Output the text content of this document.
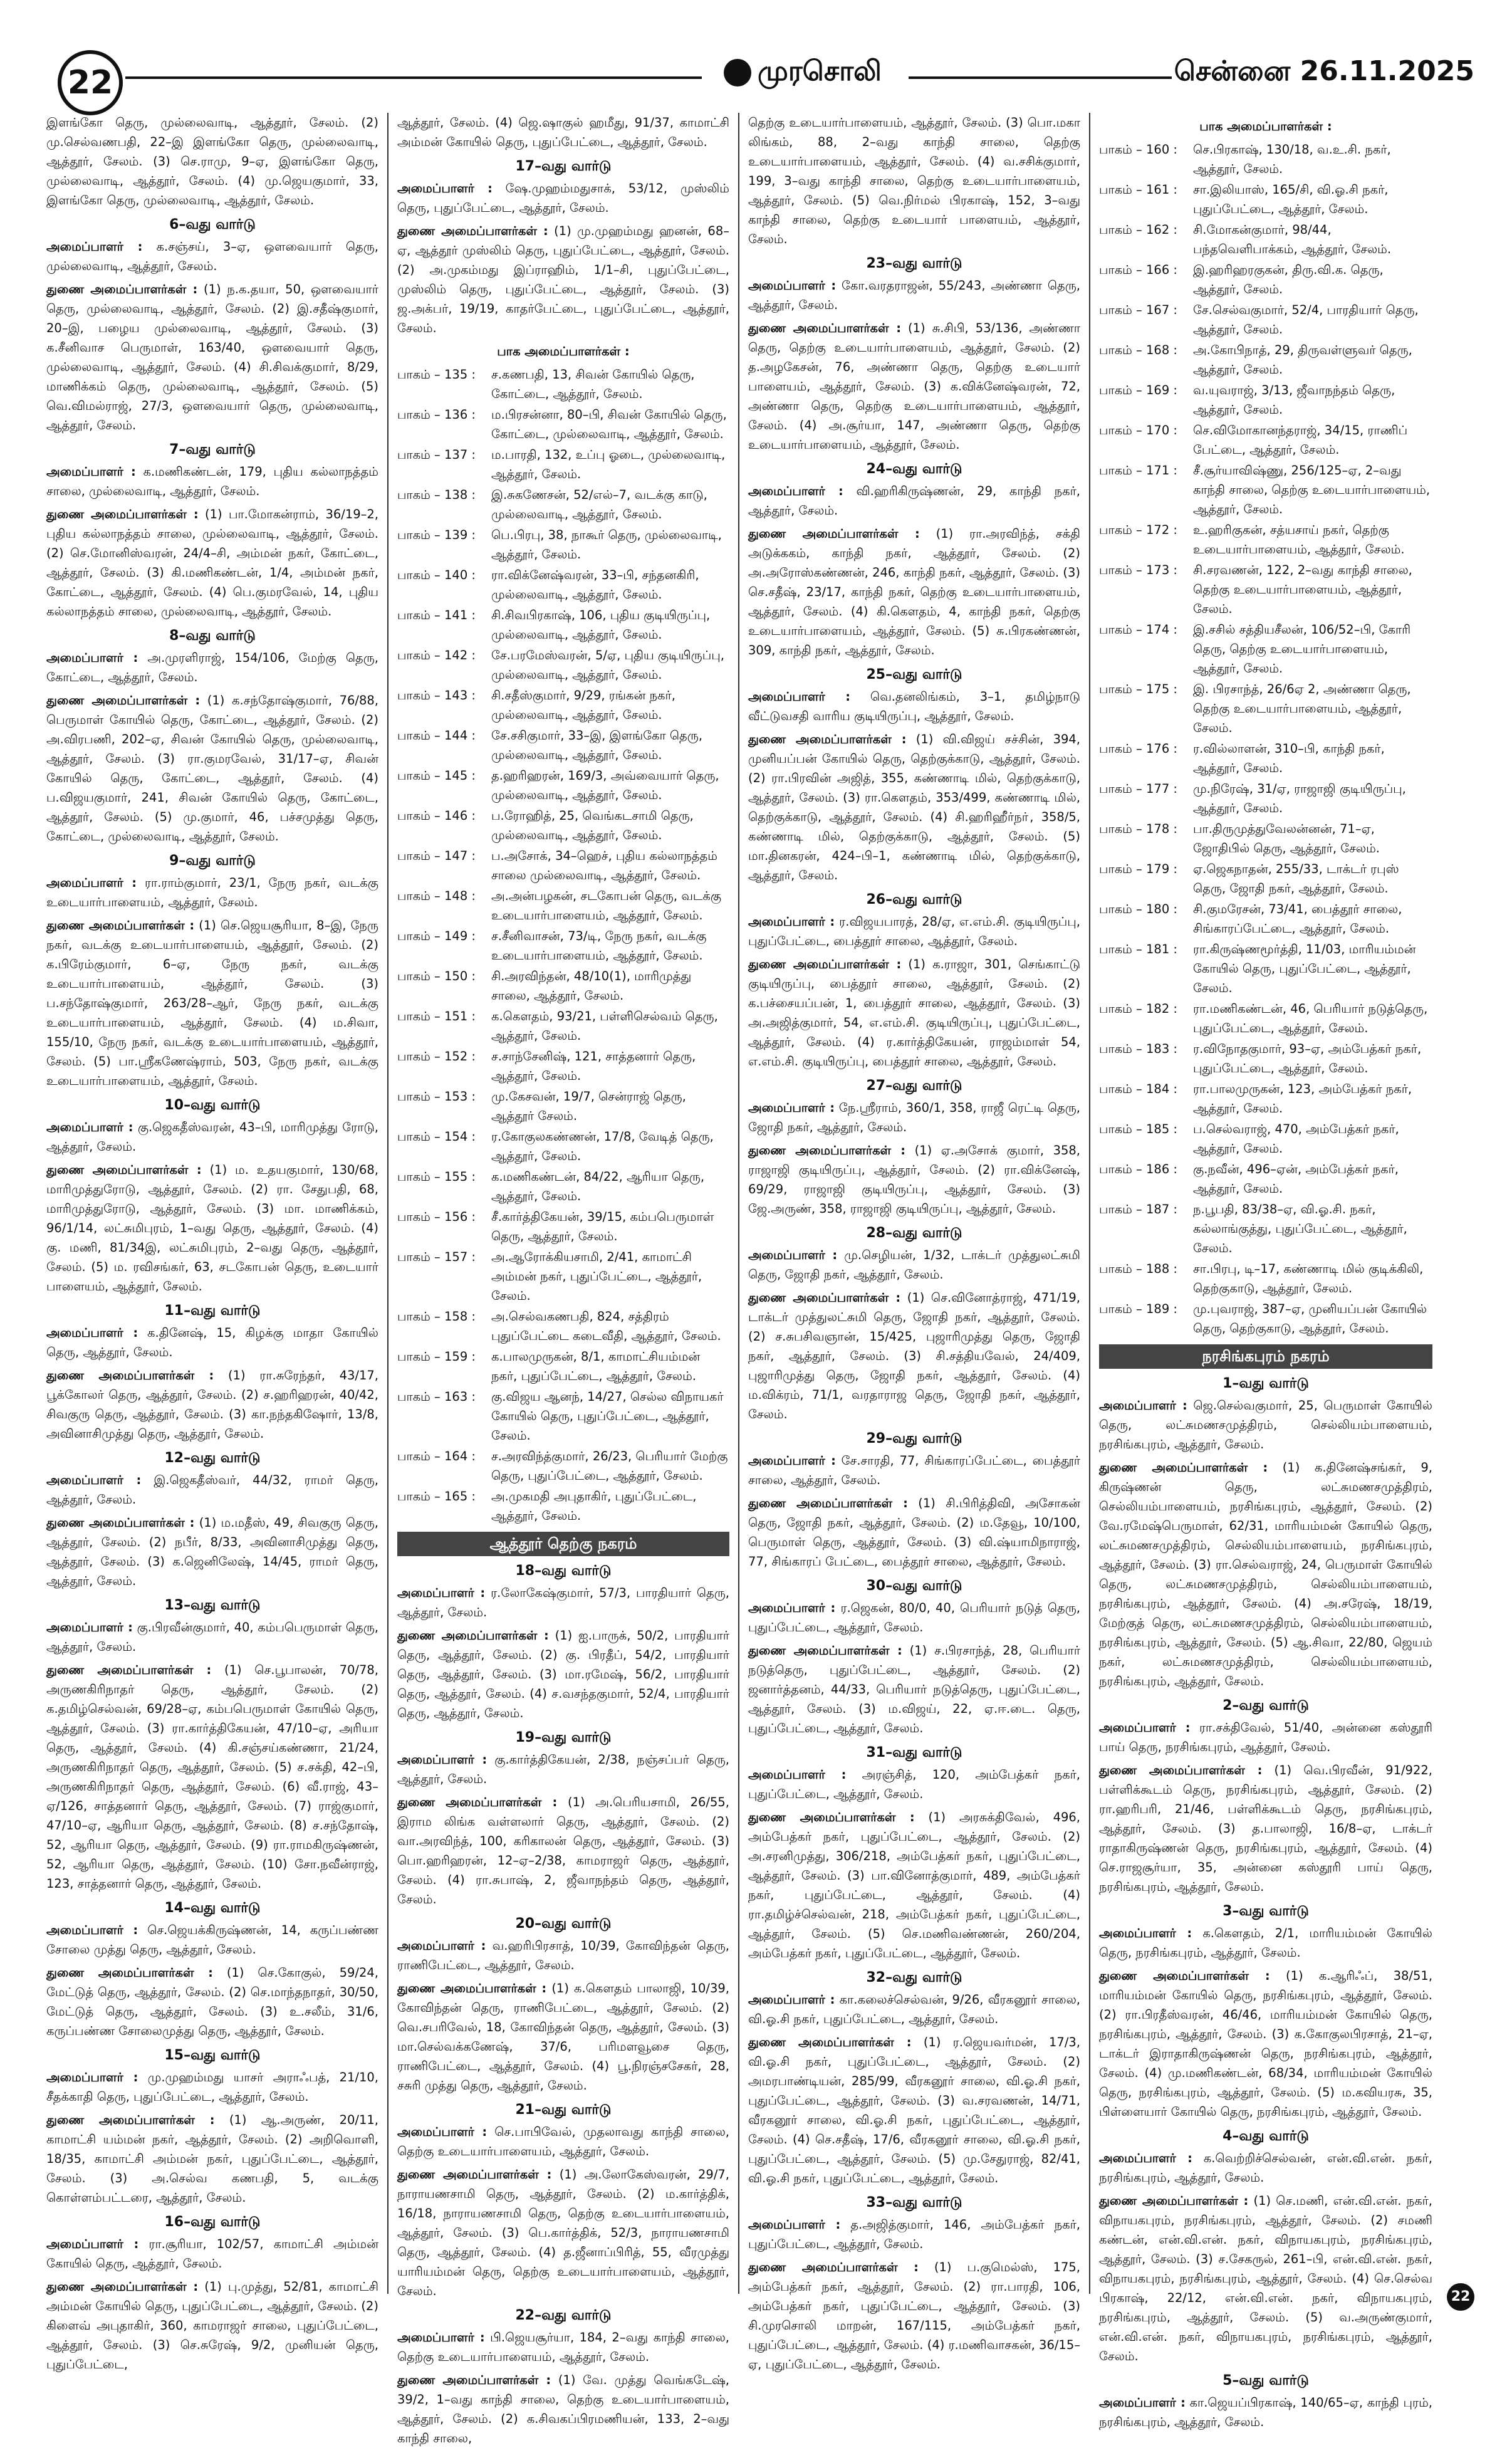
22	முரசொலி	சென்னை 26.11.2025

இளங்கோ தெரு, முல்லைவாடி, ஆத்தூர், சேலம். (2) மு.செல்வணபதி, 22–இ இளங்கோ தெரு, முல்லைவாடி, ஆத்தூர், சேலம். (3) செ.ராமு, 9–ஏ, இளங்கோ தெரு, முல்லைவாடி, ஆத்தூர், சேலம். (4) மு.ஜெயகுமார், 33, இளங்கோ தெரு, முல்லைவாடி, ஆத்தூர், சேலம்.

6–வது வார்டு

அமைப்பாளர் : க.சஞ்சய், 3–ஏ, ஒளவையார் தெரு, முல்லைவாடி, ஆத்தூர், சேலம்.

துணை அமைப்பாளர்கள் : (1) ந.க.தயா, 50, ஒளவையார் தெரு, முல்லைவாடி, ஆத்தூர், சேலம். (2) இ.சதீஷ்குமார், 20–இ, பழைய முல்லைவாடி, ஆத்தூர், சேலம். (3) க.சீனிவாச பெருமாள், 163/40, ஒளவையார் தெரு, முல்லைவாடி, ஆத்தூர், சேலம். (4) சி.சிவக்குமார், 8/29, மாணிக்கம் தெரு, முல்லைவாடி, ஆத்தூர், சேலம். (5) வெ.விமல்ராஜ், 27/3, ஒளவையார் தெரு, முல்லைவாடி, ஆத்தூர், சேலம்.

7–வது வார்டு

அமைப்பாளர் : க.மணிகண்டன், 179, புதிய கல்லாநத்தம் சாலை, முல்லைவாடி, ஆத்தூர், சேலம்.

துணை அமைப்பாளர்கள் : (1) பா.மோகன்ராம், 36/19–2, புதிய கல்லாநத்தம் சாலை, முல்லைவாடி, ஆத்தூர், சேலம். (2) செ.மோனிஸ்வரன், 24/4–சி, அம்மன் நகர், கோட்டை, ஆத்தூர், சேலம். (3) கி.மணிகண்டன், 1/4, அம்மன் நகர், கோட்டை, ஆத்தூர், சேலம். (4) பெ.குமரவேல், 14, புதிய கல்லாநத்தம் சாலை, முல்லைவாடி, ஆத்தூர், சேலம்.

8–வது வார்டு

அமைப்பாளர் : அ.முரளிராஜ், 154/106, மேற்கு தெரு, கோட்டை, ஆத்தூர், சேலம்.

துணை அமைப்பாளர்கள் : (1) க.சந்தோஷ்குமார், 76/88, பெருமாள் கோயில் தெரு, கோட்டை, ஆத்தூர், சேலம். (2) அ.விரபணி, 202–ஏ, சிவன் கோயில் தெரு, முல்லைவாடி, ஆத்தூர், சேலம். (3) ரா.குமரவேல், 31/17–ஏ, சிவன் கோயில் தெரு, கோட்டை, ஆத்தூர், சேலம். (4) ப.விஜயகுமார், 241, சிவன் கோயில் தெரு, கோட்டை, ஆத்தூர், சேலம். (5) மு.குமார், 46, பச்சமுத்து தெரு, கோட்டை, முல்லைவாடி, ஆத்தூர், சேலம்.

9–வது வார்டு

அமைப்பாளர் : ரா.ராம்குமார், 23/1, நேரு நகர், வடக்கு உடையார்பாளையம், ஆத்தூர், சேலம்.

துணை அமைப்பாளர்கள் : (1) செ.ஜெயசூரியா, 8–இ, நேரு நகர், வடக்கு உடையார்பாளையம், ஆத்தூர், சேலம். (2) க.பிரேம்குமார், 6–ஏ, நேரு நகர், வடக்கு உடையார்பாளையம், ஆத்தூர், சேலம். (3) ப.சந்தோஷ்குமார், 263/28–ஆர், நேரு நகர், வடக்கு உடையார்பாளையம், ஆத்தூர், சேலம். (4) ம.சிவா, 155/10, நேரு நகர், வடக்கு உடையார்பாளையம், ஆத்தூர், சேலம். (5) பா.ஸ்ரீகணேஷ்ராம், 503, நேரு நகர், வடக்கு உடையார்பாளையம், ஆத்தூர், சேலம்.

10–வது வார்டு

அமைப்பாளர் : கு.ஜெகதீஸ்வரன், 43–பி, மாரிமுத்து ரோடு, ஆத்தூர், சேலம்.

துணை அமைப்பாளர்கள் : (1) ம. உதயகுமார், 130/68, மாரிமுத்துரோடு, ஆத்தூர், சேலம். (2) ரா. சேதுபதி, 68, மாரிமுத்துரோடு, ஆத்தூர், சேலம். (3) மா. மாணிக்கம், 96/1/14, லட்சுமிபுரம், 1–வது தெரு, ஆத்தூர், சேலம். (4) கு. மணி, 81/34இ, லட்சுமிபுரம், 2–வது தெரு, ஆத்தூர், சேலம். (5) ம. ரவிசங்கர், 63, சடகோபன் தெரு, உடையார் பாளையம், ஆத்தூர், சேலம்.

11–வது வார்டு

அமைப்பாளர் : க.தினேஷ், 15, கிழக்கு மாதா கோயில் தெரு, ஆத்தூர், சேலம்.

துணை அமைப்பாளர்கள் : (1) ரா.சுரேந்தர், 43/17, பூக்கோலர் தெரு, ஆத்தூர், சேலம். (2) ச.ஹரிஹரன், 40/42, சிவகுரு தெரு, ஆத்தூர், சேலம். (3) கா.நந்தகிஷோர், 13/8, அவினாசிமுத்து தெரு, ஆத்தூர், சேலம்.

12–வது வார்டு

அமைப்பாளர் : இ.ஜெகதீஸ்வர், 44/32, ராமர் தெரு, ஆத்தூர், சேலம்.

துணை அமைப்பாளர்கள் : (1) ம.மதீஸ், 49, சிவகுரு தெரு, ஆத்தூர், சேலம். (2) நபீர், 8/33, அவினாசிமுத்து தெரு, ஆத்தூர், சேலம். (3) க.ஜெனிலேஷ், 14/45, ராமர் தெரு, ஆத்தூர், சேலம்.

13–வது வார்டு

அமைப்பாளர் : கு.பிரவீன்குமார், 40, கம்பபெருமாள் தெரு, ஆத்தூர், சேலம்.

துணை அமைப்பாளர்கள் : (1) செ.பூபாலன், 70/78, அருணகிரிநாதர் தெரு, ஆத்தூர், சேலம். (2) க.தமிழ்செல்வன், 69/28–ஏ, கம்பபெருமாள் கோயில் தெரு, ஆத்தூர், சேலம். (3) ரா.கார்த்திகேயன், 47/10–ஏ, அரியா தெரு, ஆத்தூர், சேலம். (4) கி.சஞ்சய்கண்ணா, 21/24, அருணகிரிநாதர் தெரு, ஆத்தூர், சேலம். (5) ச.சக்தி, 42–பி, அருணகிரிநாதர் தெரு, ஆத்தூர், சேலம். (6) வீ.ராஜ், 43–ஏ/126, சாத்தனார் தெரு, ஆத்தூர், சேலம். (7) ராஜ்குமார், 47/10–ஏ, ஆரியா தெரு, ஆத்தூர், சேலம். (8) ச.சந்தோஷ், 52, ஆரியா தெரு, ஆத்தூர், சேலம். (9) ரா.ராமகிருஷ்ணன், 52, ஆரியா தெரு, ஆத்தூர், சேலம். (10) சோ.நவீன்ராஜ், 123, சாத்தனார் தெரு, ஆத்தூர், சேலம்.

14–வது வார்டு

அமைப்பாளர் : செ.ஜெயக்கிருஷ்ணன், 14, கருப்பண்ண சோலை முத்து தெரு, ஆத்தூர், சேலம்.

துணை அமைப்பாளர்கள் : (1) செ.கோகுல், 59/24, மேட்டுத் தெரு, ஆத்தூர், சேலம். (2) செ.மாந்தநாதர், 30/50, மேட்டுத் தெரு, ஆத்தூர், சேலம். (3) உ.சலீம், 31/6, கருப்பண்ண சோலைமுத்து தெரு, ஆத்தூர், சேலம்.

15–வது வார்டு

அமைப்பாளர் : மு.முஹம்மது யாசர் அராஃபத், 21/10, சீதக்காதி தெரு, புதுப்பேட்டை, ஆத்தூர், சேலம்.

துணை அமைப்பாளர்கள் : (1) ஆ.அருண், 20/11, காமாட்சி யம்மன் நகர், ஆத்தூர், சேலம். (2) அறிவொளி, 18/35, காமாட்சி அம்மன் நகர், புதுப்பேட்டை, ஆத்தூர், சேலம். (3) அ.செல்வ கணபதி, 5, வடக்கு கொள்ளம்பட்டரை, ஆத்தூர், சேலம்.

16–வது வார்டு

அமைப்பாளர் : ரா.சூரியா, 102/57, காமாட்சி அம்மன் கோயில் தெரு, ஆத்தூர், சேலம்.

துணை அமைப்பாளர்கள் : (1) பு.முத்து, 52/81, காமாட்சி அம்மன் கோயில் தெரு, புதுப்பேட்டை, ஆத்தூர், சேலம். (2) கிளைவ் அபுதாகிர், 360, காமராஜர் சாலை, புதுப்பேட்டை, ஆத்தூர், சேலம். (3) செ.சுரேஷ், 9/2, முனியன் தெரு, புதுப்பேட்டை,

ஆத்தூர், சேலம். (4) ஜெ.ஷாகுல் ஹமீது, 91/37, காமாட்சி அம்மன் கோயில் தெரு, புதுப்பேட்டை, ஆத்தூர், சேலம்.

17–வது வார்டு

அமைப்பாளர் : ஷே.முஹம்மதுசாக், 53/12, முஸ்லிம் தெரு, புதுப்பேட்டை, ஆத்தூர், சேலம்.

துணை அமைப்பாளர்கள் : (1) மு.முஹம்மது ஹனன், 68–ஏ, ஆத்தூர் முஸ்லிம் தெரு, புதுப்பேட்டை, ஆத்தூர், சேலம். (2) அ.முகம்மது இப்ராஹிம், 1/1–சி, புதுப்பேட்டை, முஸ்லிம் தெரு, புதுப்பேட்டை, ஆத்தூர், சேலம். (3) ஜ.அக்பர், 19/19, காதர்பேட்டை, புதுப்பேட்டை, ஆத்தூர், சேலம்.

பாக அமைப்பாளர்கள் :
பாகம் – 135 :	ச.கணபதி, 13, சிவன் கோயில் தெரு, கோட்டை, ஆத்தூர், சேலம்.
பாகம் – 136 :	ம.பிரசன்னா, 80–பி, சிவன் கோயில் தெரு, கோட்டை, முல்லைவாடி, ஆத்தூர், சேலம்.
பாகம் – 137 :	ம.பாரதி, 132, உப்பு ஓடை, முல்லைவாடி, ஆத்தூர், சேலம்.
பாகம் – 138 :	இ.சுகணேசன், 52/எல்–7, வடக்கு காடு, முல்லைவாடி, ஆத்தூர், சேலம்.
பாகம் – 139 :	பெ.பிரபு, 38, நாகூர் தெரு, முல்லைவாடி, ஆத்தூர், சேலம்.
பாகம் – 140 :	ரா.விக்னேஷ்வரன், 33–பி, சந்தனகிரி, முல்லைவாடி, ஆத்தூர், சேலம்.
பாகம் – 141 :	சி.சிவபிரகாஷ், 106, புதிய குடியிருப்பு, முல்லைவாடி, ஆத்தூர், சேலம்.
பாகம் – 142 :	சே.பரமேஸ்வரன், 5/ஏ, புதிய குடியிருப்பு, முல்லைவாடி, ஆத்தூர், சேலம்.
பாகம் – 143 :	சி.சதீஸ்குமார், 9/29, ரங்கன் நகர், முல்லைவாடி, ஆத்தூர், சேலம்.
பாகம் – 144 :	சே.சசிகுமார், 33–இ, இளங்கோ தெரு, முல்லைவாடி, ஆத்தூர், சேலம்.
பாகம் – 145 :	த.ஹரிஹரன், 169/3, அவ்வையார் தெரு, முல்லைவாடி, ஆத்தூர், சேலம்.
பாகம் – 146 :	ப.ரோஹித், 25, வெங்கடசாமி தெரு, முல்லைவாடி, ஆத்தூர், சேலம்.
பாகம் – 147 :	ப.அசோக், 34–ஹெச், புதிய கல்லாநத்தம் சாலை முல்லைவாடி, ஆத்தூர், சேலம்.
பாகம் – 148 :	அ.அன்பழகன், சடகோபன் தெரு, வடக்கு உடையார்பாளையம், ஆத்தூர், சேலம்.
பாகம் – 149 :	ச.சீனிவாசன், 73/டி, நேரு நகர், வடக்கு உடையார்பாளையம், ஆத்தூர், சேலம்.
பாகம் – 150 :	சி.அரவிந்தன், 48/10(1), மாரிமுத்து சாலை, ஆத்தூர், சேலம்.
பாகம் – 151 :	க.கௌதம், 93/21, பள்ளிசெல்வம் தெரு, ஆத்தூர், சேலம்.
பாகம் – 152 :	ச.சாந்சேனிஷ், 121, சாத்தனார் தெரு, ஆத்தூர், சேலம்.
பாகம் – 153 :	மு.கேசவன், 19/7, சென்ராஜ் தெரு, ஆத்தூர் சேலம்.
பாகம் – 154 :	ர.கோகுலகண்ணன், 17/8, வேடித் தெரு, ஆத்தூர், சேலம்.
பாகம் – 155 :	க.மணிகண்டன், 84/22, ஆரியா தெரு, ஆத்தூர், சேலம்.
பாகம் – 156 :	சீ.கார்த்திகேயன், 39/15, கம்பபெருமாள் தெரு, ஆத்தூர், சேலம்.
பாகம் – 157 :	அ.ஆரோக்கியசாமி, 2/41, காமாட்சி அம்மன் நகர், புதுப்பேட்டை, ஆத்தூர், சேலம்.
பாகம் – 158 :	அ.செல்வகணபதி, 824, சத்திரம் புதுப்பேட்டை கடைவீதி, ஆத்தூர், சேலம்.
பாகம் – 159 :	க.பாலமுருகன், 8/1, காமாட்சியம்மன் நகர், புதுப்பேட்டை, ஆத்தூர், சேலம்.
பாகம் – 163 :	கு.விஜய ஆனந், 14/27, செல்ல விநாயகர் கோயில் தெரு, புதுப்பேட்டை, ஆத்தூர், சேலம்.
பாகம் – 164 :	ச.அரவிந்த்குமார், 26/23, பெரியார் மேற்கு தெரு, புதுப்பேட்டை, ஆத்தூர், சேலம்.
பாகம் – 165 :	அ.முகமதி அபுதாகிர், புதுப்பேட்டை, ஆத்தூர், சேலம்.
ஆத்தூர் தெற்கு நகரம்
18–வது வார்டு

அமைப்பாளர் : ர.லோகேஷ்குமார், 57/3, பாரதியார் தெரு, ஆத்தூர், சேலம்.

துணை அமைப்பாளர்கள் : (1) ஐ.பாருக், 50/2, பாரதியார் தெரு, ஆத்தூர், சேலம். (2) கு. பிரதீப், 54/2, பாரதியார் தெரு, ஆத்தூர், சேலம். (3) மா.ரமேஷ், 56/2, பாரதியார் தெரு, ஆத்தூர், சேலம். (4) ச.வசந்தகுமார், 52/4, பாரதியார் தெரு, ஆத்தூர், சேலம்.

19–வது வார்டு

அமைப்பாளர் : கு.கார்த்திகேயன், 2/38, நஞ்சப்பர் தெரு, ஆத்தூர், சேலம்.

துணை அமைப்பாளர்கள் : (1) அ.பெரியசாமி, 26/55, இராம லிங்க வள்ளலார் தெரு, ஆத்தூர், சேலம். (2) வா.அரவிந்த், 100, கரிகாலன் தெரு, ஆத்தூர், சேலம். (3) பொ.ஹரிஹரன், 12–ஏ–2/38, காமராஜர் தெரு, ஆத்தூர், சேலம். (4) ரா.சுபாஷ், 2, ஜீவாநந்தம் தெரு, ஆத்தூர், சேலம்.

20–வது வார்டு

அமைப்பாளர் : வ.ஹரிபிரசாத், 10/39, கோவிந்தன் தெரு, ராணிபேட்டை, ஆத்தூர், சேலம்.

துணை அமைப்பாளர்கள் : (1) க.கௌதம் பாலாஜி, 10/39, கோவிந்தன் தெரு, ராணிபேட்டை, ஆத்தூர், சேலம். (2) வெ.சபரிவேல், 18, கோவிந்தன் தெரு, ஆத்தூர், சேலம். (3) மா.செல்வக்கணேஷ், 37/6, பரிமளவூசை தெரு, ராணிபேட்டை, ஆத்தூர், சேலம். (4) பூ.நிரஞ்சசேகர், 28, சசுரி முத்து தெரு, ஆத்தூர், சேலம்.

21–வது வார்டு

அமைப்பாளர் : செ.பாபிவேல், முதலாவது காந்தி சாலை, தெற்கு உடையார்பாளையம், ஆத்தூர், சேலம்.

துணை அமைப்பாளர்கள் : (1) அ.லோகேஸ்வரன், 29/7, நாராயணசாமி தெரு, ஆத்தூர், சேலம். (2) ம.கார்த்திக், 16/18, நாராயணசாமி தெரு, தெற்கு உடையார்பாளையம், ஆத்தூர், சேலம். (3) பெ.கார்த்திக், 52/3, நாராயணசாமி தெரு, ஆத்தூர், சேலம். (4) த.ஜீனாப்பிரித், 55, வீரமுத்து யாரியம்மன் தெரு, தெற்கு உடையார்பாளையம், ஆத்தூர், சேலம்.

22–வது வார்டு

அமைப்பாளர் : பி.ஜெயசூர்யா, 184, 2–வது காந்தி சாலை, தெற்கு உடையார்பாளையம், ஆத்தூர், சேலம்.

துணை அமைப்பாளர்கள் : (1) வே. முத்து வெங்கடேஷ், 39/2, 1–வது காந்தி சாலை, தெற்கு உடையார்பாளையம், ஆத்தூர், சேலம். (2) க.சிவகப்பிரமணியன், 133, 2–வது காந்தி சாலை,

தெற்கு உடையார்பாளையம், ஆத்தூர், சேலம். (3) பொ.மகா லிங்கம், 88, 2–வது காந்தி சாலை, தெற்கு உடையார்பாளையம், ஆத்தூர், சேலம். (4) வ.சசிக்குமார், 199, 3–வது காந்தி சாலை, தெற்கு உடையார்பாளையம், ஆத்தூர், சேலம். (5) வெ.நிர்மல் பிரகாஷ், 152, 3–வது காந்தி சாலை, தெற்கு உடையார் பாளையம், ஆத்தூர், சேலம்.

23–வது வார்டு

அமைப்பாளர் : கோ.வரதராஜன், 55/243, அண்ணா தெரு, ஆத்தூர், சேலம்.

துணை அமைப்பாளர்கள் : (1) சு.சிபி, 53/136, அண்ணா தெரு, தெற்கு உடையார்பாளையம், ஆத்தூர், சேலம். (2) த.அழகேசன், 76, அண்ணா தெரு, தெற்கு உடையார் பாளையம், ஆத்தூர், சேலம். (3) க.விக்னேஷ்வரன், 72, அண்ணா தெரு, தெற்கு உடையார்பாளையம், ஆத்தூர், சேலம். (4) அ.சூர்யா, 147, அண்ணா தெரு, தெற்கு உடையார்பாளையம், ஆத்தூர், சேலம்.

24–வது வார்டு

அமைப்பாளர் : வி.ஹரிகிருஷ்ணன், 29, காந்தி நகர், ஆத்தூர், சேலம்.

துணை அமைப்பாளர்கள் : (1) ரா.அரவிந்த், சக்தி அடுக்ககம், காந்தி நகர், ஆத்தூர், சேலம். (2) அ.அரோஸ்கண்ணன், 246, காந்தி நகர், ஆத்தூர், சேலம். (3) செ.சதீஷ், 23/17, காந்தி நகர், தெற்கு உடையார்பாளையம், ஆத்தூர், சேலம். (4) கி.கௌதம், 4, காந்தி நகர், தெற்கு உடையார்பாளையம், ஆத்தூர், சேலம். (5) சு.பிரகண்ணன், 309, காந்தி நகர், ஆத்தூர், சேலம்.

25–வது வார்டு

அமைப்பாளர் : வெ.தனலிங்கம், 3–1, தமிழ்நாடு வீட்டுவசதி வாரிய குடியிருப்பு, ஆத்தூர், சேலம்.

துணை அமைப்பாளர்கள் : (1) வி.விஜய் சச்சின், 394, முனியப்பன் கோயில் தெரு, தெற்குக்காடு, ஆத்தூர், சேலம். (2) ரா.பிரவின் அஜித், 355, கண்ணாடி மில், தெற்குக்காடு, ஆத்தூர், சேலம். (3) ரா.கௌதம், 353/499, கண்ணாடி மில், தெற்குக்காடு, ஆத்தூர், சேலம். (4) சி.ஹரிஹீர்நா், 358/5, கண்ணாடி மில், தெற்குக்காடு, ஆத்தூர், சேலம். (5) மா.தினகரன், 424–பி–1, கண்ணாடி மில், தெற்குக்காடு, ஆத்தூர், சேலம்.

26–வது வார்டு

அமைப்பாளர் : ர.விஜயபாரத், 28/ஏ, எ.எம்.சி. குடியிருப்பு, புதுப்பேட்டை, பைத்தூர் சாலை, ஆத்தூர், சேலம்.

துணை அமைப்பாளர்கள் : (1) க.ராஜா, 301, செங்காட்டு குடியிருப்பு, பைத்தூர் சாலை, ஆத்தூர், சேலம். (2) க.பச்சையப்பன், 1, பைத்தூர் சாலை, ஆத்தூர், சேலம். (3) அ.அஜித்குமார், 54, எ.எம்.சி. குடியிருப்பு, புதுப்பேட்டை, ஆத்தூர், சேலம். (4) ர.கார்த்திகேயன், ராஜம்மாள் 54, எ.எம்.சி. குடியிருப்பு, பைத்தூர் சாலை, ஆத்தூர், சேலம்.

27–வது வார்டு

அமைப்பாளர் : நே.ஸ்ரீராம், 360/1, 358, ராஜீ ரெட்டி தெரு, ஜோதி நகர், ஆத்தூர், சேலம்.

துணை அமைப்பாளர்கள் : (1) ஏ.அசோக் குமார், 358, ராஜாஜி குடியிருப்பு, ஆத்தூர், சேலம். (2) ரா.விக்னேஷ், 69/29, ராஜாஜி குடியிருப்பு, ஆத்தூர், சேலம். (3) ஜே.அருண், 358, ராஜாஜி குடியிருப்பு, ஆத்தூர், சேலம்.

28–வது வார்டு

அமைப்பாளர் : மு.செழியன், 1/32, டாக்டர் முத்துலட்சுமி தெரு, ஜோதி நகர், ஆத்தூர், சேலம்.

துணை அமைப்பாளர்கள் : (1) செ.வினோத்ராஜ், 471/19, டாக்டர் முத்துலட்சுமி தெரு, ஜோதி நகர், ஆத்தூர், சேலம். (2) ச.சுபசிவஞான், 15/425, புஜாரிமுத்து தெரு, ஜோதி நகர், ஆத்தூர், சேலம். (3) சி.சத்தியவேல், 24/409, புஜாரிமுத்து தெரு, ஜோதி நகர், ஆத்தூர், சேலம். (4) ம.விக்ரம், 71/1, வரதாராஜ தெரு, ஜோதி நகர், ஆத்தூர், சேலம்.

29–வது வார்டு

அமைப்பாளர் : சே.சாரதி, 77, சிங்காரப்பேட்டை, பைத்தூர் சாலை, ஆத்தூர், சேலம்.

துணை அமைப்பாளர்கள் : (1) சி.பிரித்திவி, அசோகன் தெரு, ஜோதி நகர், ஆத்தூர், சேலம். (2) ம.தேவூ, 10/100, பெருமாள் தெரு, ஆத்தூர், சேலம். (3) வி.ஷ்யாமிநாராஜ், 77, சிங்காரப் பேட்டை, பைத்தூர் சாலை, ஆத்தூர், சேலம்.

30–வது வார்டு

அமைப்பாளர் : ர.ஜெகன், 80/0, 40, பெரியார் நடுத் தெரு, புதுப்பேட்டை, ஆத்தூர், சேலம்.

துணை அமைப்பாளர்கள் : (1) ச.பிரசாந்த், 28, பெரியார் நடுத்தெரு, புதுப்பேட்டை, ஆத்தூர், சேலம். (2) ஜனார்த்தனம், 44/33, பெரியார் நடுத்தெரு, புதுப்பேட்டை, ஆத்தூர், சேலம். (3) ம.விஜய், 22, ஏ.ஈ.டை. தெரு, புதுப்பேட்டை, ஆத்தூர், சேலம்.

31–வது வார்டு

அமைப்பாளர் : அரஞ்சித், 120, அம்பேத்கர் நகர், புதுப்பேட்டை, ஆத்தூர், சேலம்.

துணை அமைப்பாளர்கள் : (1) அரசுக்திவேல், 496, அம்பேத்கர் நகர், புதுப்பேட்டை, ஆத்தூர், சேலம். (2) அ.சரனிமுத்து, 306/218, அம்பேத்கர் நகர், புதுப்பேட்டை, ஆத்தூர், சேலம். (3) பா.வினோத்குமார், 489, அம்பேத்கர் நகர், புதுப்பேட்டை, ஆத்தூர், சேலம். (4) ரா.தமிழ்ச்செல்வன், 218, அம்பேத்கர் நகர், புதுப்பேட்டை, ஆத்தூர், சேலம். (5) செ.மணிவண்ணன், 260/204, அம்பேத்கர் நகர், புதுப்பேட்டை, ஆத்தூர், சேலம்.

32–வது வார்டு

அமைப்பாளர் : கா.கலைச்செல்வன், 9/26, வீரகனூர் சாலை, வி.ஓ.சி நகர், புதுப்பேட்டை, ஆத்தூர், சேலம்.

துணை அமைப்பாளர்கள் : (1) ர.ஜெயவர்மன், 17/3, வி.ஓ.சி நகர், புதுப்பேட்டை, ஆத்தூர், சேலம். (2) அமரபாண்டியன், 285/99, வீரகனூர் சாலை, வி.ஓ.சி நகர், புதுப்பேட்டை, ஆத்தூர், சேலம். (3) வ.சரவணன், 14/71, வீரகனூர் சாலை, வி.ஓ.சி நகர், புதுப்பேட்டை, ஆத்தூர், சேலம். (4) செ.சதீஷ், 17/6, வீரகனூர் சாலை, வி.ஓ.சி நகர், புதுப்பேட்டை, ஆத்தூர், சேலம். (5) மு.சேதுராஜ், 82/41, வி.ஓ.சி நகர், புதுப்பேட்டை, ஆத்தூர், சேலம்.

33–வது வார்டு

அமைப்பாளர் : த.அஜித்குமார், 146, அம்பேத்கர் நகர், புதுப்பேட்டை, ஆத்தூர், சேலம்.

துணை அமைப்பாளர்கள் : (1) ப.குமெல்ஸ், 175, அம்பேத்கர் நகர், ஆத்தூர், சேலம். (2) ரா.பாரதி, 106, அம்பேத்கர் நகர், புதுப்பேட்டை, ஆத்தூர், சேலம். (3) சி.முரசொலி மாறன், 167/115, அம்பேத்கர் நகர், புதுப்பேட்டை, ஆத்தூர், சேலம். (4) ர.மணிவாசகன், 36/15–ஏ, புதுப்பேட்டை, ஆத்தூர், சேலம்.

பாக அமைப்பாளர்கள் :
பாகம் – 160 :	செ.பிரகாஷ், 130/18, வ.உ.சி. நகர், ஆத்தூர், சேலம்.
பாகம் – 161 :	சா.இலியாஸ், 165/சி, வி.ஓ.சி நகர், புதுப்பேட்டை, ஆத்தூர், சேலம்.
பாகம் – 162 :	சி.மோகன்குமார், 98/44, பந்தவெளிபாக்கம், ஆத்தூர், சேலம்.
பாகம் – 166 :	இ.ஹரிஹரகுகன், திரு.வி.க. தெரு, ஆத்தூர், சேலம்.
பாகம் – 167 :	சே.செல்வகுமார், 52/4, பாரதியார் தெரு, ஆத்தூர், சேலம்.
பாகம் – 168 :	அ.கோபிநாத், 29, திருவள்ளுவர் தெரு, ஆத்தூர், சேலம்.
பாகம் – 169 :	வ.யுவராஜ், 3/13, ஜீவாநந்தம் தெரு, ஆத்தூர், சேலம்.
பாகம் – 170 :	செ.விமோகானந்தராஜ், 34/15, ராணிப் பேட்டை, ஆத்தூர், சேலம்.
பாகம் – 171 :	சீ.சூர்யாவிஷ்ணு, 256/125–ஏ, 2–வது காந்தி சாலை, தெற்கு உடையார்பாளையம், ஆத்தூர், சேலம்.
பாகம் – 172 :	உ.ஹரிகுகன், சத்யசாய் நகர், தெற்கு உடையார்பாளையம், ஆத்தூர், சேலம்.
பாகம் – 173 :	சி.சரவணன், 122, 2–வது காந்தி சாலை, தெற்கு உடையார்பாளையம், ஆத்தூர், சேலம்.
பாகம் – 174 :	இ.சசில் சத்தியசீலன், 106/52–பி, கோரி தெரு, தெற்கு உடையார்பாளையம், ஆத்தூர், சேலம்.
பாகம் – 175 :	இ. பிரசாந்த், 26/6ஏ 2, அண்ணா தெரு, தெற்கு உடையார்பாளையம், ஆத்தூர், சேலம்.
பாகம் – 176 :	ர.வில்லாளன், 310–பி, காந்தி நகர், ஆத்தூர், சேலம்.
பாகம் – 177 :	மு.நிரேஷ், 31/ஏ, ராஜாஜி குடியிருப்பு, ஆத்தூர், சேலம்.
பாகம் – 178 :	பா.திருமுத்துவேலன்னன், 71–ஏ, ஜோதிபில் தெரு, ஆத்தூர், சேலம்.
பாகம் – 179 :	ஏ.ஜெகநாதன், 255/33, டாக்டர் ரபுஸ் தெரு, ஜோதி நகர், ஆத்தூர், சேலம்.
பாகம் – 180 :	சி.குமரேசன், 73/41, பைத்தூர் சாலை, சிங்காரப்பேட்டை, ஆத்தூர், சேலம்.
பாகம் – 181 :	ரா.கிருஷ்ணமூர்த்தி, 11/03, மாரியம்மன் கோயில் தெரு, புதுப்பேட்டை, ஆத்தூர், சேலம்.
பாகம் – 182 :	ரா.மணிகண்டன், 46, பெரியார் நடுத்தெரு, புதுப்பேட்டை, ஆத்தூர், சேலம்.
பாகம் – 183 :	ர.விநோதகுமார், 93–ஏ, அம்பேத்கர் நகர், புதுப்பேட்டை, ஆத்தூர், சேலம்.
பாகம் – 184 :	ரா.பாலமுருகன், 123, அம்பேத்கர் நகர், ஆத்தூர், சேலம்.
பாகம் – 185 :	ப.செல்வராஜ், 470, அம்பேத்கர் நகர், ஆத்தூர், சேலம்.
பாகம் – 186 :	கு.நவீன், 496–ஏன், அம்பேத்கர் நகர், ஆத்தூர், சேலம்.
பாகம் – 187 :	ந.பூபதி, 83/38–ஏ, வி.ஓ.சி. நகர், கல்லாங்குத்து, புதுப்பேட்டை, ஆத்தூர், சேலம்.
பாகம் – 188 :	சா.பிரபு, டி–17, கண்ணாடி மில் குடிக்கிலி, தெற்குகாடு, ஆத்தூர், சேலம்.
பாகம் – 189 :	மு.புவராஜ், 387–ஏ, முனியப்பன் கோயில் தெரு, தெற்குகாடு, ஆத்தூர், சேலம்.
நரசிங்கபுரம் நகரம்
1–வது வார்டு

அமைப்பாளர் : ஜெ.செல்வகுமார், 25, பெருமாள் கோயில் தெரு, லட்சுமணசமுத்திரம், செல்லியம்பாளையம், நரசிங்கபுரம், ஆத்தூர், சேலம்.

துணை அமைப்பாளர்கள் : (1) க.தினேஷ்சங்கர், 9, கிருஷ்ணன் தெரு, லட்சுமணசமுத்திரம், செல்லியம்பாளையம், நரசிங்கபுரம், ஆத்தூர், சேலம். (2) வே.ரமேஷ்பெருமாள், 62/31, மாரியம்மன் கோயில் தெரு, லட்சுமணசமுத்திரம், செல்லியம்பாளையம், நரசிங்கபுரம், ஆத்தூர், சேலம். (3) ரா.செல்வராஜ், 24, பெருமாள் கோயில் தெரு, லட்சுமணசமுத்திரம், செல்லியம்பாளையம், நரசிங்கபுரம், ஆத்தூர், சேலம். (4) அ.சரேஷ், 18/19, மேற்குத் தெரு, லட்சுமணசமுத்திரம், செல்லியம்பாளையம், நரசிங்கபுரம், ஆத்தூர், சேலம். (5) ஆ.சிவா, 22/80, ஜெயம் நகர், லட்சுமணசமுத்திரம், செல்லியம்பாளையம், நரசிங்கபுரம், ஆத்தூர், சேலம்.

2–வது வார்டு

அமைப்பாளர் : ரா.சக்திவேல், 51/40, அன்னை கஸ்தூரி பாய் தெரு, நரசிங்கபுரம், ஆத்தூர், சேலம்.

துணை அமைப்பாளர்கள் : (1) வெ.பிரவீன், 91/922, பள்ளிக்கூடம் தெரு, நரசிங்கபுரம், ஆத்தூர், சேலம். (2) ரா.ஹரிபரி, 21/46, பள்ளிக்கூடம் தெரு, நரசிங்கபுரம், ஆத்தூர், சேலம். (3) த.பாலாஜி, 16/8–ஏ, டாக்டர் ராதாகிருஷ்ணன் தெரு, நரசிங்கபுரம், ஆத்தூர், சேலம். (4) செ.ராஜசூர்யா, 35, அன்னை கஸ்தூரி பாய் தெரு, நரசிங்கபுரம், ஆத்தூர், சேலம்.

3–வது வார்டு

அமைப்பாளர் : க.கௌதம், 2/1, மாரியம்மன் கோயில் தெரு, நரசிங்கபுரம், ஆத்தூர், சேலம்.

துணை அமைப்பாளர்கள் : (1) க.ஆரிஃப், 38/51, மாரியம்மன் கோயில் தெரு, நரசிங்கபுரம், ஆத்தூர், சேலம். (2) ரா.பிரதீஸ்வரன், 46/46, மாரியம்மன் கோயில் தெரு, நரசிங்கபுரம், ஆத்தூர், சேலம். (3) க.கோகுலபிரசாத், 21–ஏ, டாக்டர் இராதாகிருஷ்ணன் தெரு, நரசிங்கபுரம், ஆத்தூர், சேலம். (4) மு.மணிகண்டன், 68/34, மாரியம்மன் கோயில் தெரு, நரசிங்கபுரம், ஆத்தூர், சேலம். (5) ம.கவியரசு, 35, பிள்ளையார் கோயில் தெரு, நரசிங்கபுரம், ஆத்தூர், சேலம்.

4–வது வார்டு

அமைப்பாளர் : க.வெற்றிச்செல்வன், என்.வி.என். நகர், நரசிங்கபுரம், ஆத்தூர், சேலம்.

துணை அமைப்பாளர்கள் : (1) செ.மணி, என்.வி.என். நகர், விநாயகபுரம், நரசிங்கபுரம், ஆத்தூர், சேலம். (2) சமணி கண்டன், என்.வி.என். நகர், விநாயகபுரம், நரசிங்கபுரம், ஆத்தூர், சேலம். (3) ச.சேகருல், 261–பி, என்.வி.என். நகர், விநாயகபுரம், நரசிங்கபுரம், ஆத்தூர், சேலம். (4) செ.செல்வ பிரகாஷ், 22/12, என்.வி.என். நகர், விநாயகபுரம், நரசிங்கபுரம், ஆத்தூர், சேலம். (5) வ.அருண்குமார், என்.வி.என். நகர், விநாயகபுரம், நரசிங்கபுரம், ஆத்தூர், சேலம்.

5–வது வார்டு

அமைப்பாளர் : கா.ஜெயப்பிரகாஷ், 140/65–ஏ, காந்தி புரம், நரசிங்கபுரம், ஆத்தூர், சேலம்.

22
